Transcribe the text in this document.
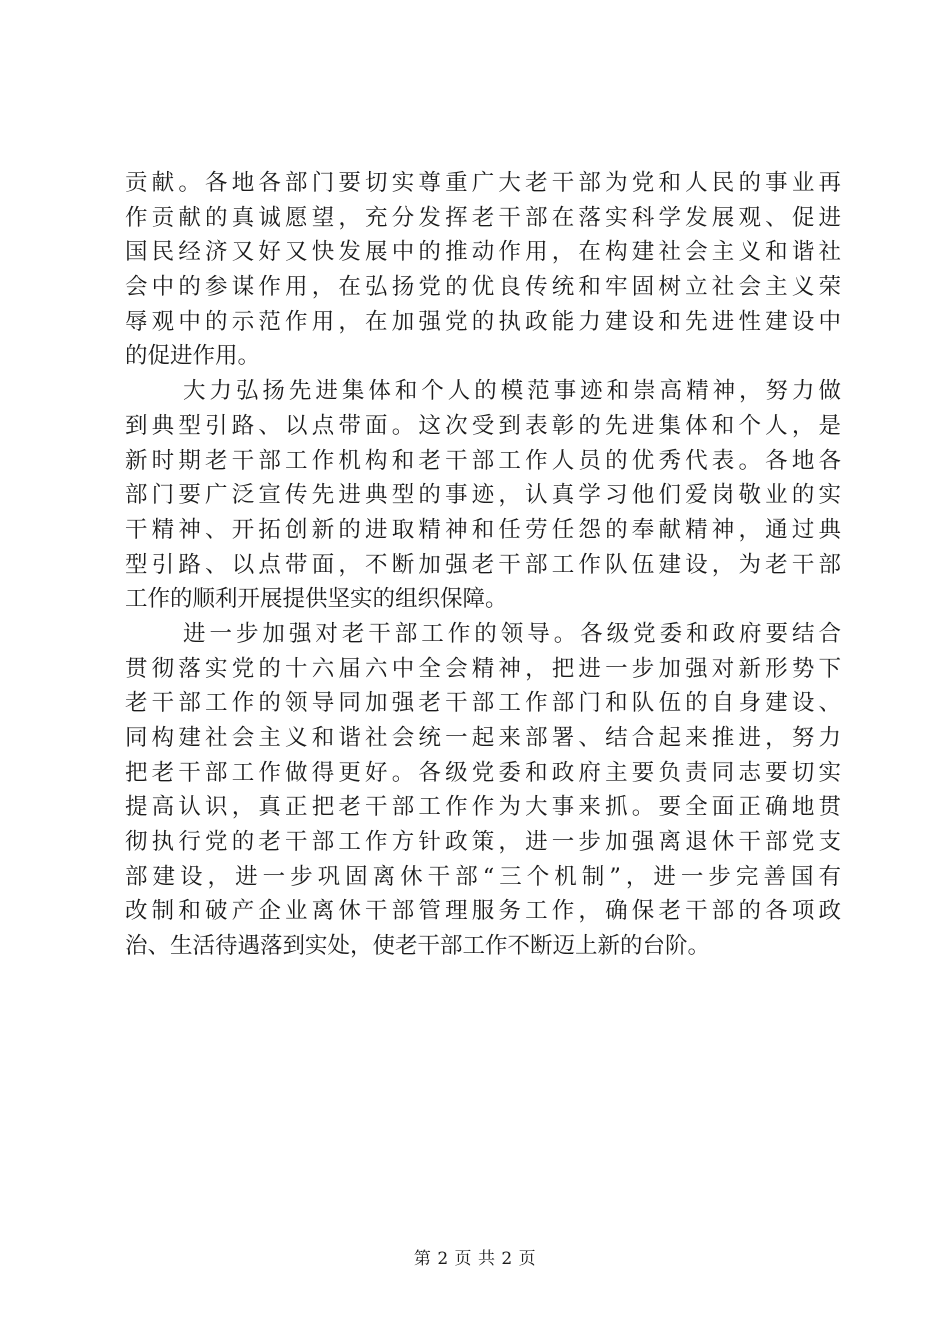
贡献。各地各部门要切实尊重广大老干部为党和人民的事业再
作贡献的真诚愿望，充分发挥老干部在落实科学发展观、促进
国民经济又好又快发展中的推动作用，在构建社会主义和谐社
会中的参谋作用，在弘扬党的优良传统和牢固树立社会主义荣
辱观中的示范作用，在加强党的执政能力建设和先进性建设中
的促进作用。
大力弘扬先进集体和个人的模范事迹和崇高精神，努力做
到典型引路、以点带面。这次受到表彰的先进集体和个人，是
新时期老干部工作机构和老干部工作人员的优秀代表。各地各
部门要广泛宣传先进典型的事迹，认真学习他们爱岗敬业的实
干精神、开拓创新的进取精神和任劳任怨的奉献精神，通过典
型引路、以点带面，不断加强老干部工作队伍建设，为老干部
工作的顺利开展提供坚实的组织保障。
进一步加强对老干部工作的领导。各级党委和政府要结合
贯彻落实党的十六届六中全会精神，把进一步加强对新形势下
老干部工作的领导同加强老干部工作部门和队伍的自身建设、
同构建社会主义和谐社会统一起来部署、结合起来推进，努力
把老干部工作做得更好。各级党委和政府主要负责同志要切实
提高认识，真正把老干部工作作为大事来抓。要全面正确地贯
彻执行党的老干部工作方针政策，进一步加强离退休干部党支
部建设，进一步巩固离休干部“三个机制”，进一步完善国有
改制和破产企业离休干部管理服务工作，确保老干部的各项政
治、生活待遇落到实处，使老干部工作不断迈上新的台阶。
第 2 页 共 2 页
